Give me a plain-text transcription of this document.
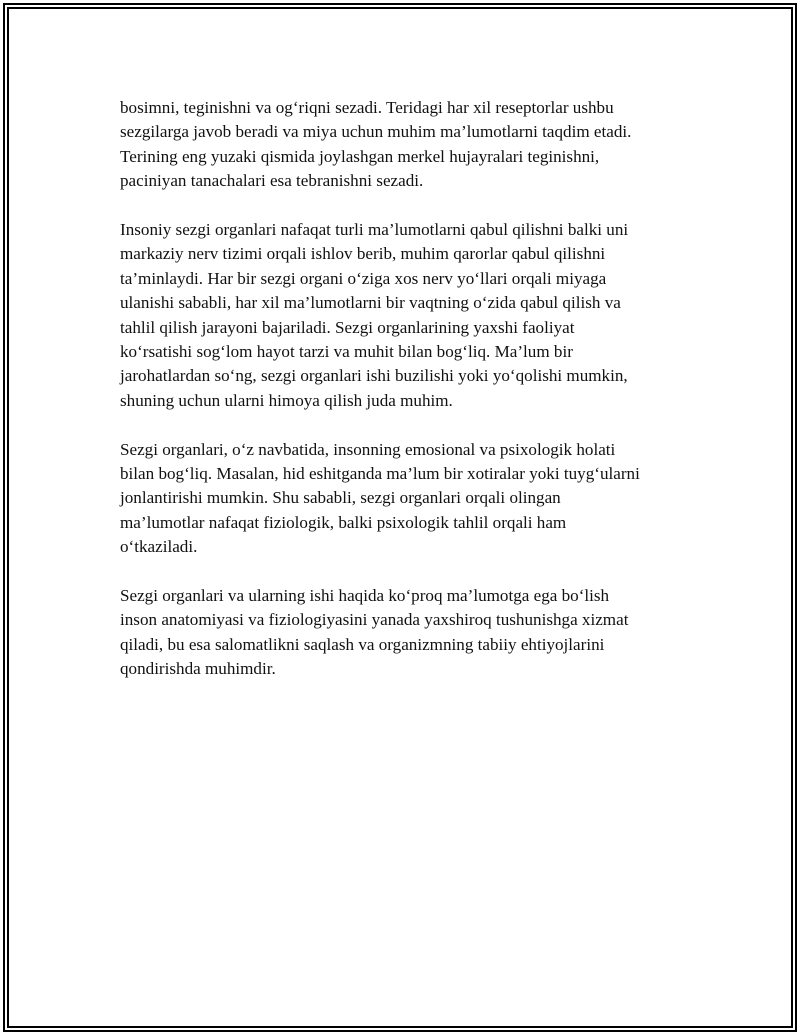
bosimni, teginishni va og‘riqni sezadi. Teridagi har xil reseptorlar ushbu
sezgilarga javob beradi va miya uchun muhim ma’lumotlarni taqdim etadi.
Terining eng yuzaki qismida joylashgan merkel hujayralari teginishni,
paciniyan tanachalari esa tebranishni sezadi.

Insoniy sezgi organlari nafaqat turli ma’lumotlarni qabul qilishni balki uni
markaziy nerv tizimi orqali ishlov berib, muhim qarorlar qabul qilishni
ta’minlaydi. Har bir sezgi organi o‘ziga xos nerv yo‘llari orqali miyaga
ulanishi sababli, har xil ma’lumotlarni bir vaqtning o‘zida qabul qilish va
tahlil qilish jarayoni bajariladi. Sezgi organlarining yaxshi faoliyat
ko‘rsatishi sog‘lom hayot tarzi va muhit bilan bog‘liq. Ma’lum bir
jarohatlardan so‘ng, sezgi organlari ishi buzilishi yoki yo‘qolishi mumkin,
shuning uchun ularni himoya qilish juda muhim.

Sezgi organlari, o‘z navbatida, insonning emosional va psixologik holati
bilan bog‘liq. Masalan, hid eshitganda ma’lum bir xotiralar yoki tuyg‘ularni
jonlantirishi mumkin. Shu sababli, sezgi organlari orqali olingan
ma’lumotlar nafaqat fiziologik, balki psixologik tahlil orqali ham
o‘tkaziladi.

Sezgi organlari va ularning ishi haqida ko‘proq ma’lumotga ega bo‘lish
inson anatomiyasi va fiziologiyasini yanada yaxshiroq tushunishga xizmat
qiladi, bu esa salomatlikni saqlash va organizmning tabiiy ehtiyojlarini
qondirishda muhimdir.
